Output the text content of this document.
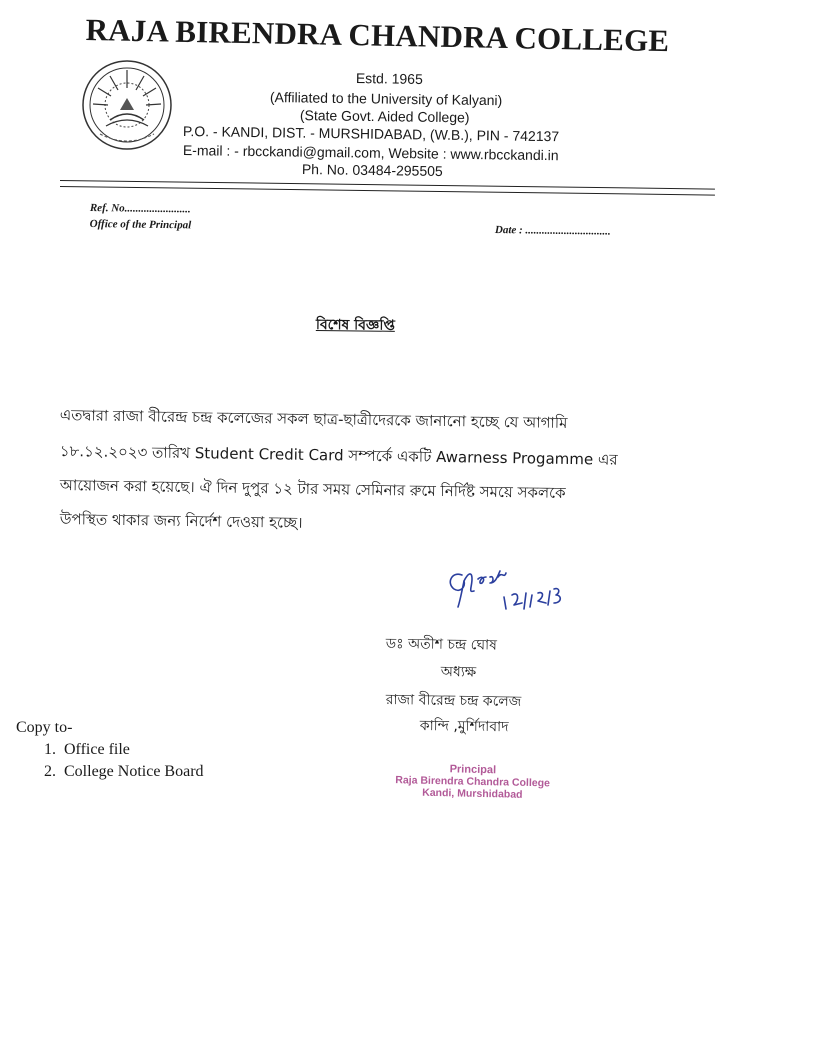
RAJA BIRENDRA CHANDRA COLLEGE
Estd. 1965
(Affiliated to the University of Kalyani)
(State Govt. Aided College)
P.O. - KANDI, DIST. - MURSHIDABAD, (W.B.), PIN - 742137
E-mail : - rbcckandi@gmail.com, Website : www.rbcckandi.in
Ph. No. 03484-295505
Ref. No........................
Office of the Principal	Date : ...............................
বিশেষ বিজ্ঞপ্তি
এতদ্বারা রাজা বীরেন্দ্র চন্দ্র কলেজের সকল ছাত্র-ছাত্রীদেরকে জানানো হচ্ছে যে আগামি
১৮.১২.২০২৩ তারিখ Student Credit Card সম্পর্কে একটি Awarness Progamme এর
আয়োজন করা হয়েছে। ঐ দিন দুপুর ১২ টার সময় সেমিনার রুমে নির্দিষ্ট সময়ে সকলকে
উপস্থিত থাকার জন্য নির্দেশ দেওয়া হচ্ছে।
ডঃ অতীশ চন্দ্র ঘোষ
অধ্যক্ষ
রাজা বীরেন্দ্র চন্দ্র কলেজ
কান্দি ,মুর্শিদাবাদ
Copy to-
1. Office file
2. College Notice Board	Principal
Raja Birendra Chandra College
Kandi, Murshidabad
